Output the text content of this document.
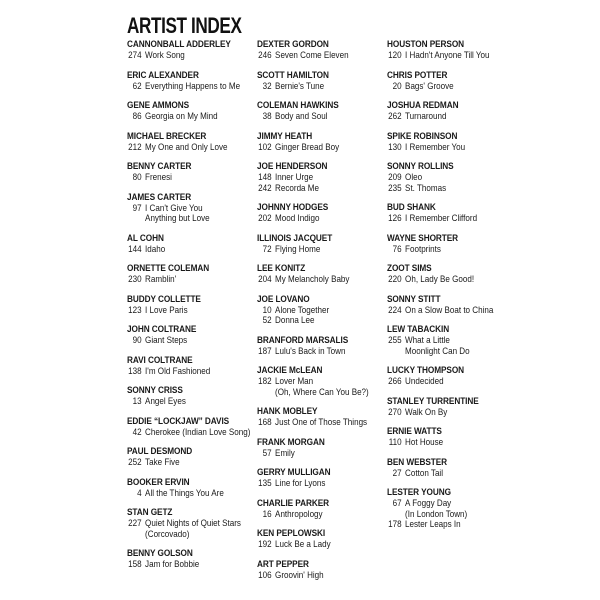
ARTIST INDEX
CANNONBALL ADDERLEY
274 Work Song
ERIC ALEXANDER
62 Everything Happens to Me
GENE AMMONS
86 Georgia on My Mind
MICHAEL BRECKER
212 My One and Only Love
BENNY CARTER
80 Frenesi
JAMES CARTER
97 I Can't Give You
Anything but Love
AL COHN
144 Idaho
ORNETTE COLEMAN
230 Ramblin'
BUDDY COLLETTE
123 I Love Paris
JOHN COLTRANE
90 Giant Steps
RAVI COLTRANE
138 I'm Old Fashioned
SONNY CRISS
13 Angel Eyes
EDDIE “LOCKJAW” DAVIS
42 Cherokee (Indian Love Song)
PAUL DESMOND
252 Take Five
BOOKER ERVIN
4 All the Things You Are
STAN GETZ
227 Quiet Nights of Quiet Stars
(Corcovado)
BENNY GOLSON
158 Jam for Bobbie
DEXTER GORDON
246 Seven Come Eleven
SCOTT HAMILTON
32 Bernie's Tune
COLEMAN HAWKINS
38 Body and Soul
JIMMY HEATH
102 Ginger Bread Boy
JOE HENDERSON
148 Inner Urge
242 Recorda Me
JOHNNY HODGES
202 Mood Indigo
ILLINOIS JACQUET
72 Flying Home
LEE KONITZ
204 My Melancholy Baby
JOE LOVANO
10 Alone Together
52 Donna Lee
BRANFORD MARSALIS
187 Lulu's Back in Town
JACKIE McLEAN
182 Lover Man
(Oh, Where Can You Be?)
HANK MOBLEY
168 Just One of Those Things
FRANK MORGAN
57 Emily
GERRY MULLIGAN
135 Line for Lyons
CHARLIE PARKER
16 Anthropology
KEN PEPLOWSKI
192 Luck Be a Lady
ART PEPPER
106 Groovin' High
HOUSTON PERSON
120 I Hadn't Anyone Till You
CHRIS POTTER
20 Bags' Groove
JOSHUA REDMAN
262 Turnaround
SPIKE ROBINSON
130 I Remember You
SONNY ROLLINS
209 Oleo
235 St. Thomas
BUD SHANK
126 I Remember Clifford
WAYNE SHORTER
76 Footprints
ZOOT SIMS
220 Oh, Lady Be Good!
SONNY STITT
224 On a Slow Boat to China
LEW TABACKIN
255 What a Little
Moonlight Can Do
LUCKY THOMPSON
266 Undecided
STANLEY TURRENTINE
270 Walk On By
ERNIE WATTS
110 Hot House
BEN WEBSTER
27 Cotton Tail
LESTER YOUNG
67 A Foggy Day
(In London Town)
178 Lester Leaps In
